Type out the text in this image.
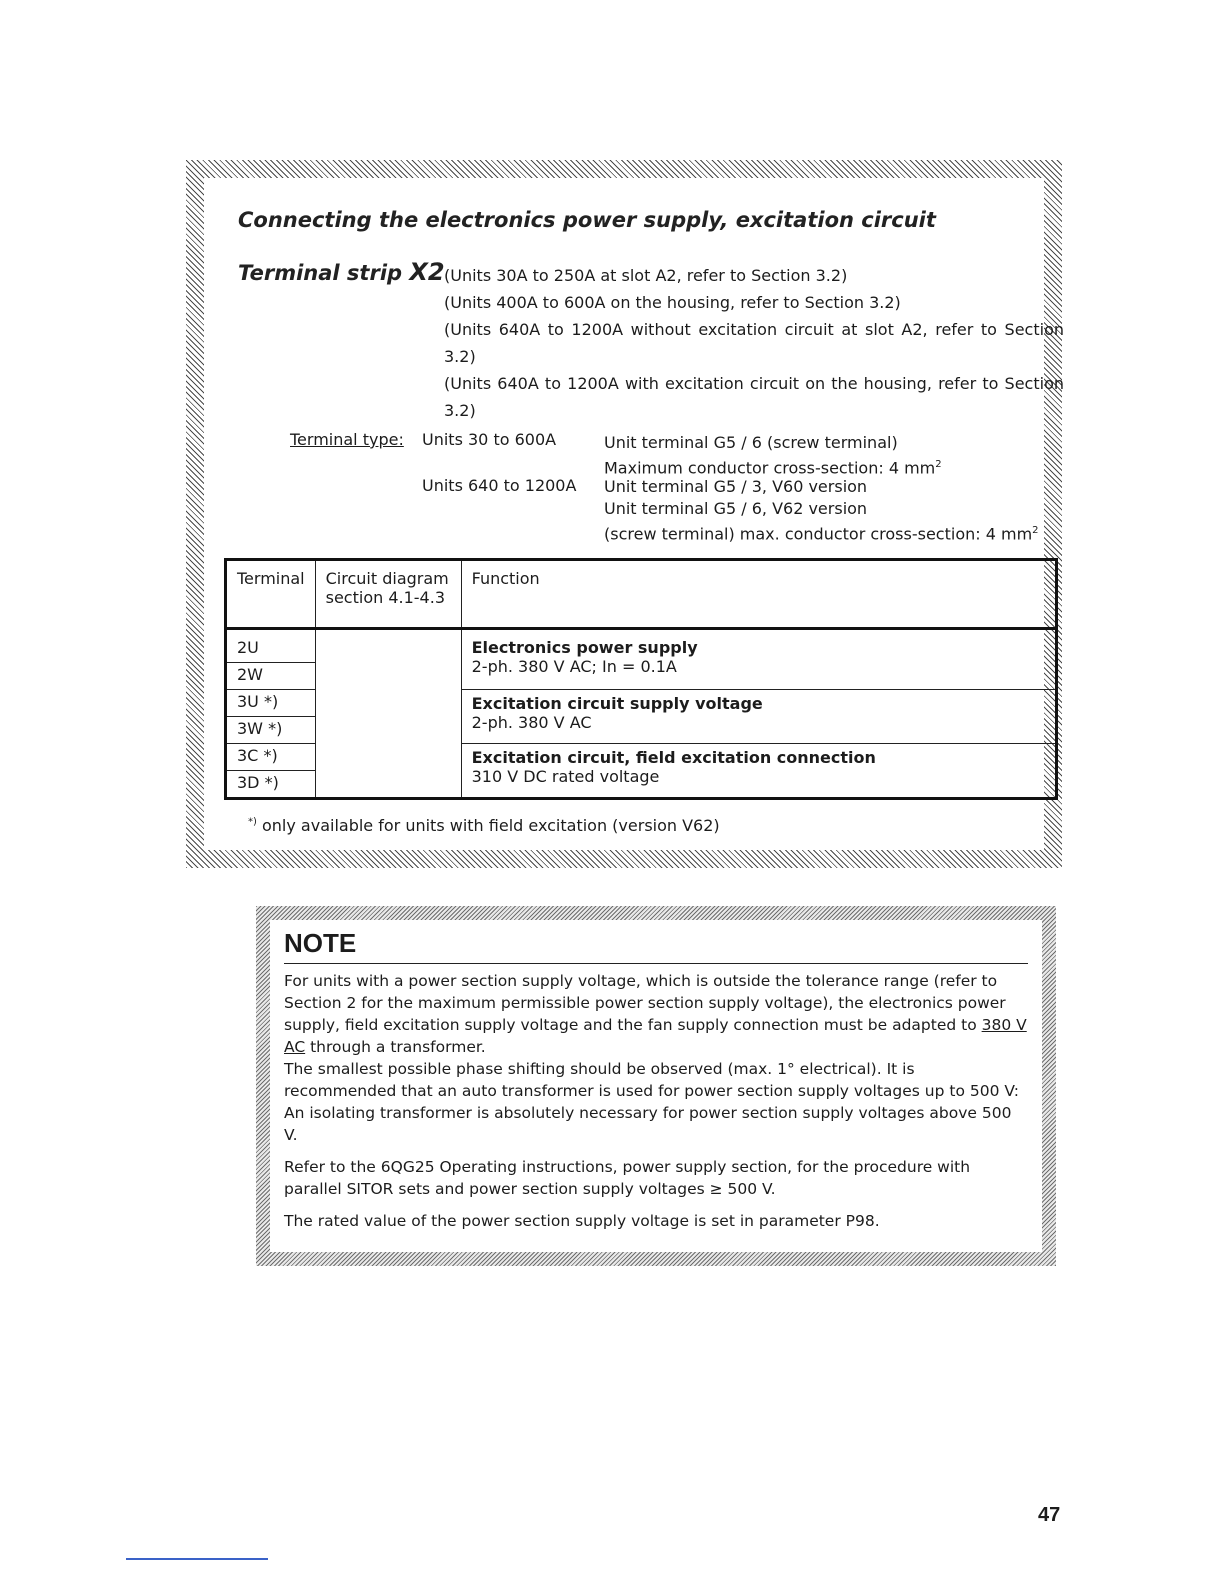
Connecting the electronics power supply, excitation circuit
Terminal strip X2 (Units 30A to 250A at slot A2, refer to Section 3.2)
(Units 400A to 600A on the housing, refer to Section 3.2)
(Units 640A to 1200A without excitation circuit at slot A2, refer to Section 3.2)
(Units 640A to 1200A with excitation circuit on the housing, refer to Section 3.2)
Terminal type: Units 30 to 600A	Unit terminal G5 / 6 (screw terminal)
Maximum conductor cross-section: 4 $mm^2$
Units 640 to 1200A Unit terminal G5 / 3, V60 version
Unit terminal G5 / 6, V62 version
(screw terminal) max. conductor cross-section: 4 $mm^2$
Terminal	Circuit diagram section 4.1-4.3	Function
2U		Electronics power supply
2-ph. 380 V AC; In = 0.1A

2W		
3U *)		Excitation circuit supply voltage
2-ph. 380 V AC

3W *)		
3C *)		Excitation circuit, field excitation connection
310 V DC rated voltage

3D *)		
*) only available for units with field excitation (version V62)
NOTE

For units with a power section supply voltage, which is outside the tolerance range (refer to Section 2 for the maximum permissible power section supply voltage), the electronics power supply, field excitation supply voltage and the fan supply connection must be adapted to 380 V AC through a transformer.
The smallest possible phase shifting should be observed (max. 1° electrical). It is recommended that an auto transformer is used for power section supply voltages up to 500 V: An isolating transformer is absolutely necessary for power section supply voltages above 500 V.

Refer to the 6QG25 Operating instructions, power supply section, for the procedure with parallel SITOR sets and power section supply voltages ≥ 500 V.

The rated value of the power section supply voltage is set in parameter P98.

47
